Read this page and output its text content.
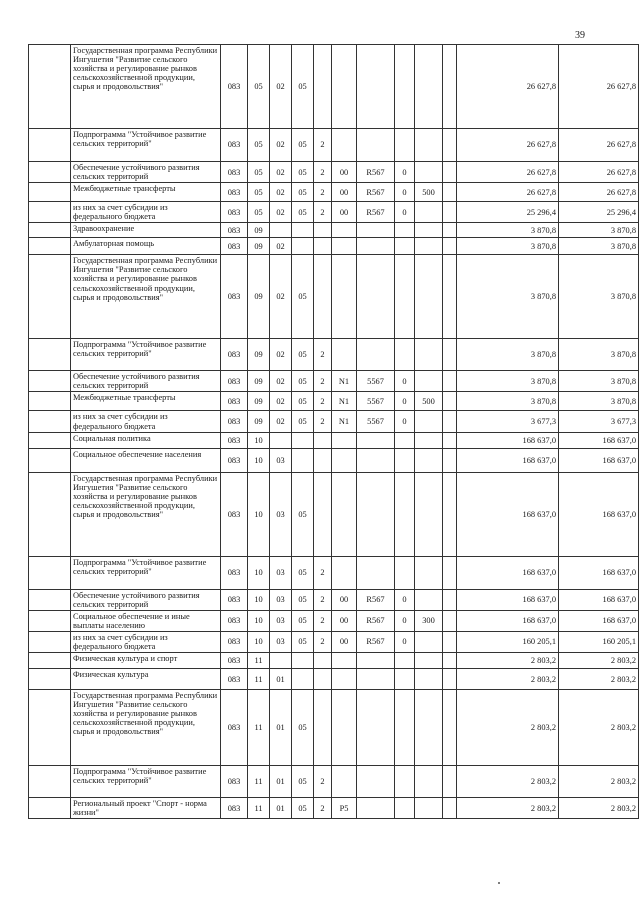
39
	Государственная программа Республики Ингушетия "Развитие сельского хозяйства и регулирование рынков сельскохозяйственной продукции, сырья и продовольствия"	083	05	02	05							26 627,8	26 627,8
	Подпрограмма "Устойчивое развитие сельских территорий"	083	05	02	05	2						26 627,8	26 627,8
	Обеспечение устойчивого развития сельских территорий	083	05	02	05	2	00	R567	0			26 627,8	26 627,8
	Межбюджетные трансферты	083	05	02	05	2	00	R567	0	500		26 627,8	26 627,8
	из них за счет субсидии из федерального бюджета	083	05	02	05	2	00	R567	0			25 296,4	25 296,4
	Здравоохранение	083	09									3 870,8	3 870,8
	Амбулаторная помощь	083	09	02								3 870,8	3 870,8
	Государственная программа Республики Ингушетия "Развитие сельского хозяйства и регулирование рынков сельскохозяйственной продукции, сырья и продовольствия"	083	09	02	05							3 870,8	3 870,8
	Подпрограмма "Устойчивое развитие сельских территорий"	083	09	02	05	2						3 870,8	3 870,8
	Обеспечение устойчивого развития сельских территорий	083	09	02	05	2	N1	5567	0			3 870,8	3 870,8
	Межбюджетные трансферты	083	09	02	05	2	N1	5567	0	500		3 870,8	3 870,8
	из них за счет субсидии из федерального бюджета	083	09	02	05	2	N1	5567	0			3 677,3	3 677,3
	Социальная политика	083	10									168 637,0	168 637,0
	Социальное обеспечение населения	083	10	03								168 637,0	168 637,0
	Государственная программа Республики Ингушетия "Развитие сельского хозяйства и регулирование рынков сельскохозяйственной продукции, сырья и продовольствия"	083	10	03	05							168 637,0	168 637,0
	Подпрограмма "Устойчивое развитие сельских территорий"	083	10	03	05	2						168 637,0	168 637,0
	Обеспечение устойчивого развития сельских территорий	083	10	03	05	2	00	R567	0			168 637,0	168 637,0
	Социальное обеспечение и иные выплаты населению	083	10	03	05	2	00	R567	0	300		168 637,0	168 637,0
	из них за счет субсидии из федерального бюджета	083	10	03	05	2	00	R567	0			160 205,1	160 205,1
	Физическая культура и спорт	083	11									2 803,2	2 803,2
	Физическая культура	083	11	01								2 803,2	2 803,2
	Государственная программа Республики Ингушетия "Развитие сельского хозяйства и регулирование рынков сельскохозяйственной продукции, сырья и продовольствия"	083	11	01	05							2 803,2	2 803,2
	Подпрограмма "Устойчивое развитие сельских территорий"	083	11	01	05	2						2 803,2	2 803,2
	Региональный проект "Спорт - норма жизни"	083	11	01	05	2	P5					2 803,2	2 803,2
